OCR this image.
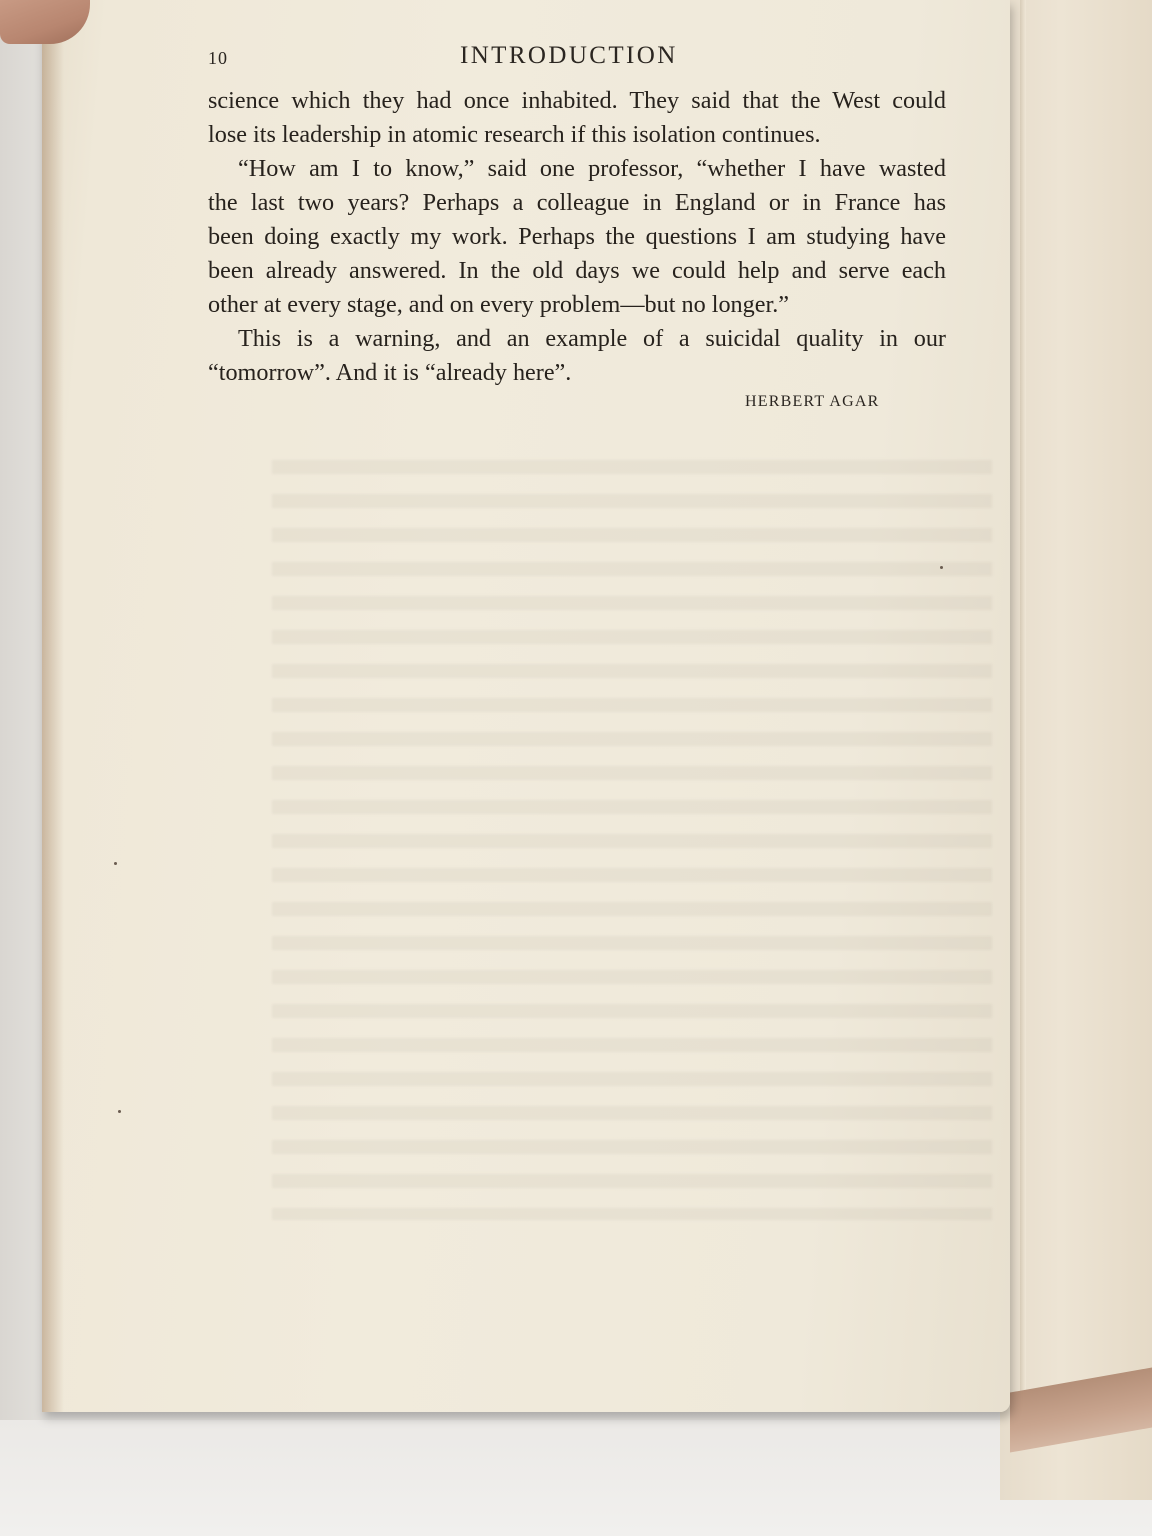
10	INTRODUCTION
science which they had once inhabited. They said that the West could
lose its leadership in atomic research if this isolation continues.
“How am I to know,” said one professor, “whether I have wasted
the last two years? Perhaps a colleague in England or in France has
been doing exactly my work. Perhaps the questions I am studying have
been already answered. In the old days we could help and serve each
other at every stage, and on every problem—but no longer.”
This is a warning, and an example of a suicidal quality in our
“tomorrow”. And it is “already here”.
HERBERT AGAR
